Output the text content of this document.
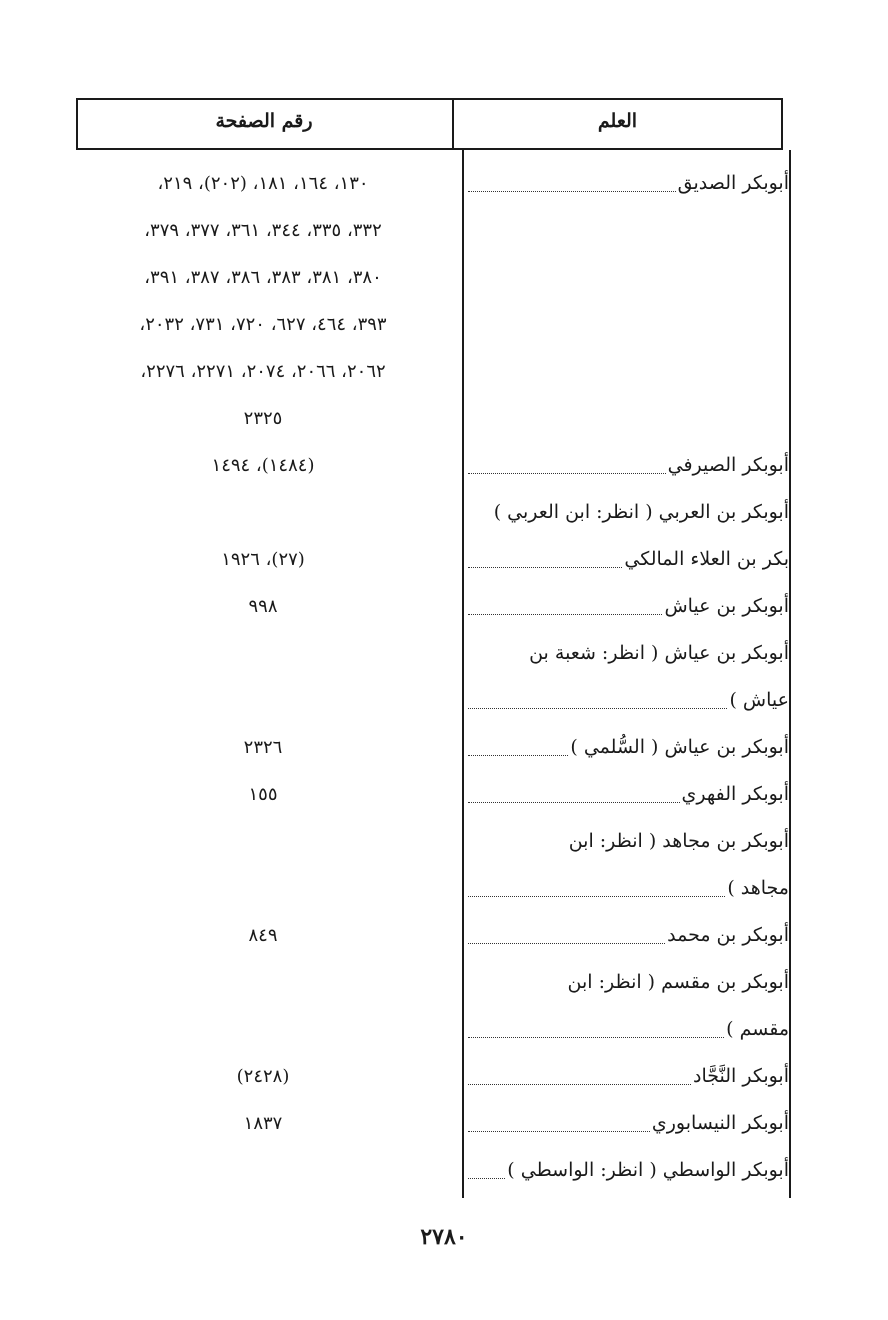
العلم
رقم الصفحة
أبوبكر الصديق
١٣٠، ١٦٤، ١٨١، (٢٠٢)، ٢١٩،
٣٣٢، ٣٣٥، ٣٤٤، ٣٦١، ٣٧٧، ٣٧٩،
٣٨٠، ٣٨١، ٣٨٣، ٣٨٦، ٣٨٧، ٣٩١،
٣٩٣، ٤٦٤، ٦٢٧، ٧٢٠، ٧٣١، ٢٠٣٢،
٢٠٦٢، ٢٠٦٦، ٢٠٧٤، ٢٢٧١، ٢٢٧٦،
٢٣٢٥
أبوبكر الصيرفي
(١٤٨٤)، ١٤٩٤
أبوبكر بن العربي ( انظر: ابن العربي )
بكر بن العلاء المالكي
(٢٧)، ١٩٢٦
أبوبكر بن عياش
٩٩٨
أبوبكر بن عياش ( انظر: شعبة بن
عياش )
أبوبكر بن عياش ( السُّلمي )
٢٣٢٦
أبوبكر الفهري
١٥٥
أبوبكر بن مجاهد ( انظر: ابن
مجاهد )
أبوبكر بن محمد
٨٤٩
أبوبكر بن مقسم ( انظر: ابن
مقسم )
أبوبكر النَّجَّاد
(٢٤٢٨)
أبوبكر النيسابوري
١٨٣٧
أبوبكر الواسطي ( انظر: الواسطي )
٢٧٨٠
